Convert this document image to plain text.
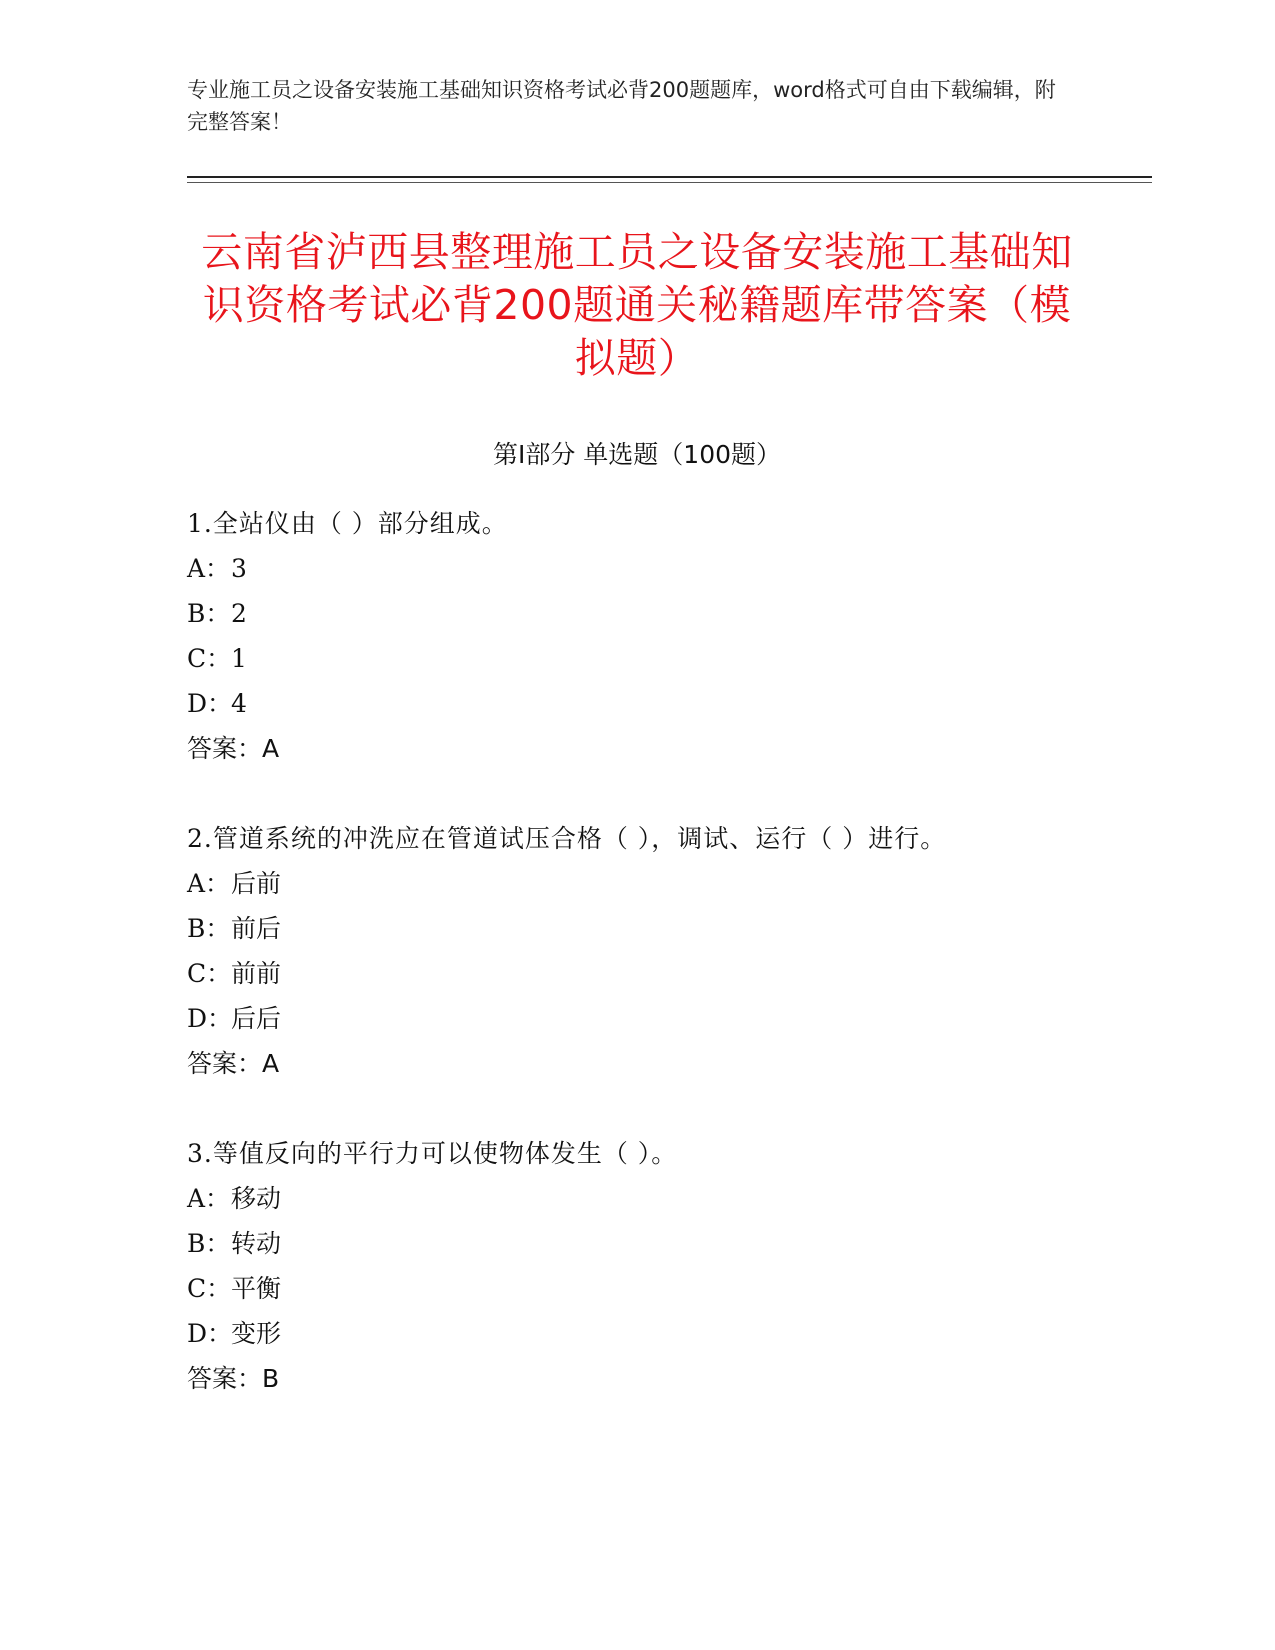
专业施工员之设备安装施工基础知识资格考试必背200题题库，word格式可自由下载编辑，附完整答案！
云南省泸西县整理施工员之设备安装施工基础知识资格考试必背200题通关秘籍题库带答案（模拟题）
第I部分 单选题（100题）
1.全站仪由（ ）部分组成。
A：3
B：2
C：1
D：4
答案：A
2.管道系统的冲洗应在管道试压合格（ ），调试、运行（ ）进行。
A：后前
B：前后
C：前前
D：后后
答案：A
3.等值反向的平行力可以使物体发生（ ）。
A：移动
B：转动
C：平衡
D：变形
答案：B
